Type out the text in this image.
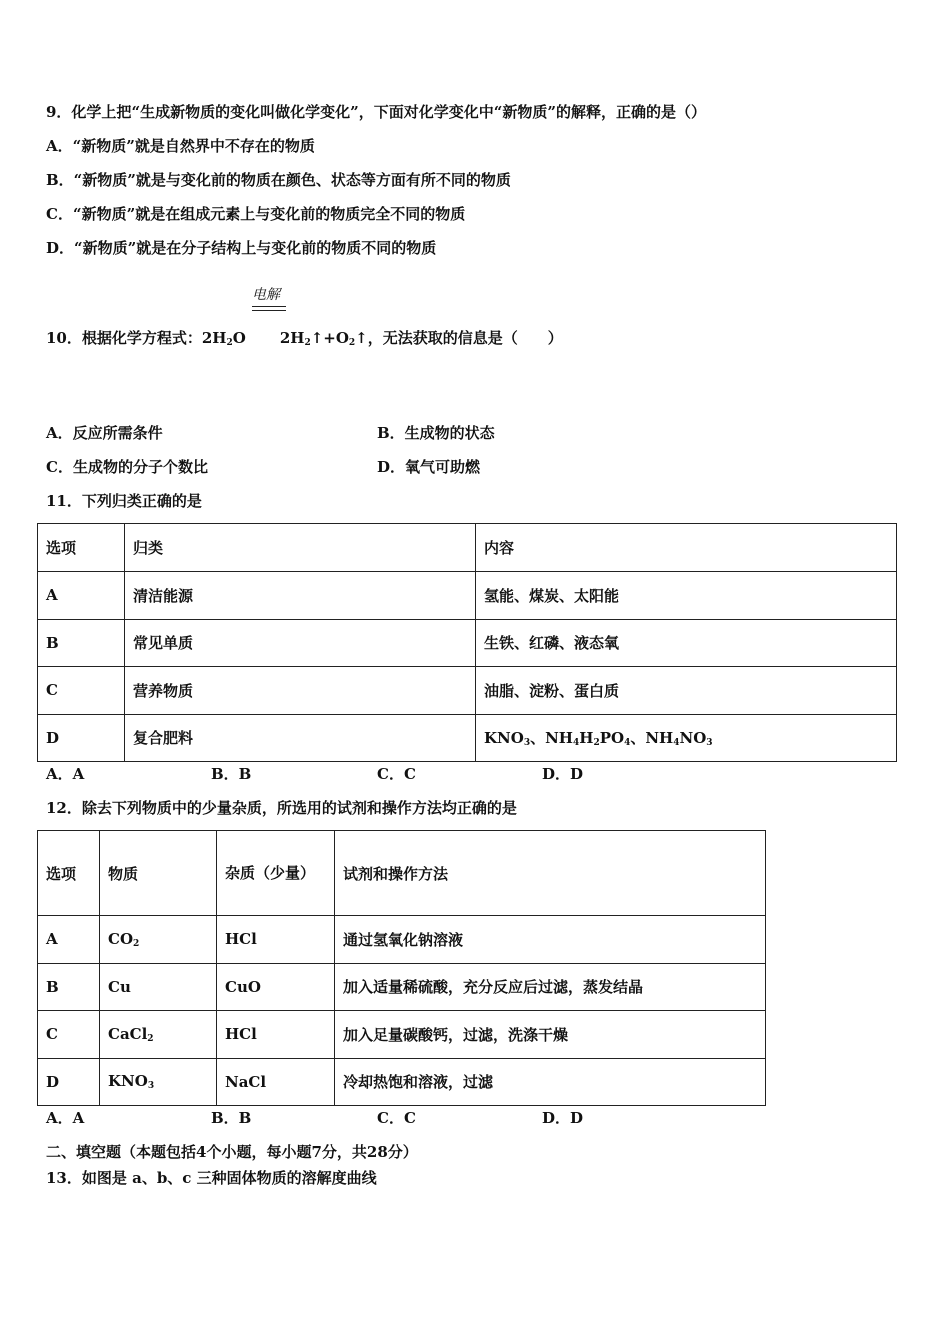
9．化学上把“生成新物质的变化叫做化学变化”，下面对化学变化中“新物质”的解释，正确的是（）
A．“新物质”就是自然界中不存在的物质
B．“新物质”就是与变化前的物质在颜色、状态等方面有所不同的物质
C．“新物质”就是在组成元素上与变化前的物质完全不同的物质
D．“新物质”就是在分子结构上与变化前的物质不同的物质
电解
10．根据化学方程式：$2H_2O$ $2H_2↑+O_2↑$，无法获取的信息是（　　）
A．反应所需条件	B．生成物的状态
C．生成物的分子个数比	D．氧气可助燃
11．下列归类正确的是
选项	归类	内容
A	清洁能源	氢能、煤炭、太阳能
B	常见单质	生铁、红磷、液态氧
C	营养物质	油脂、淀粉、蛋白质
D	复合肥料	$KNO_3$、$NH_4H_2PO_4$、$NH_4NO_3$
A．A	B．B	C．C	D．D
12．除去下列物质中的少量杂质，所选用的试剂和操作方法均正确的是
选项	物质	杂质（少量）	试剂和操作方法
A	$CO_2$	HCl	通过氢氧化钠溶液
B	Cu	CuO	加入适量稀硫酸，充分反应后过滤，蒸发结晶
C	CaCl$_2$	HCl	加入足量碳酸钙，过滤，洗涤干燥
D	$KNO_3$	NaCl	冷却热饱和溶液，过滤
A．A	B．B	C．C	D．D
二、填空题（本题包括4个小题，每小题7分，共28分）
13．如图是 a、b、c 三种固体物质的溶解度曲线
